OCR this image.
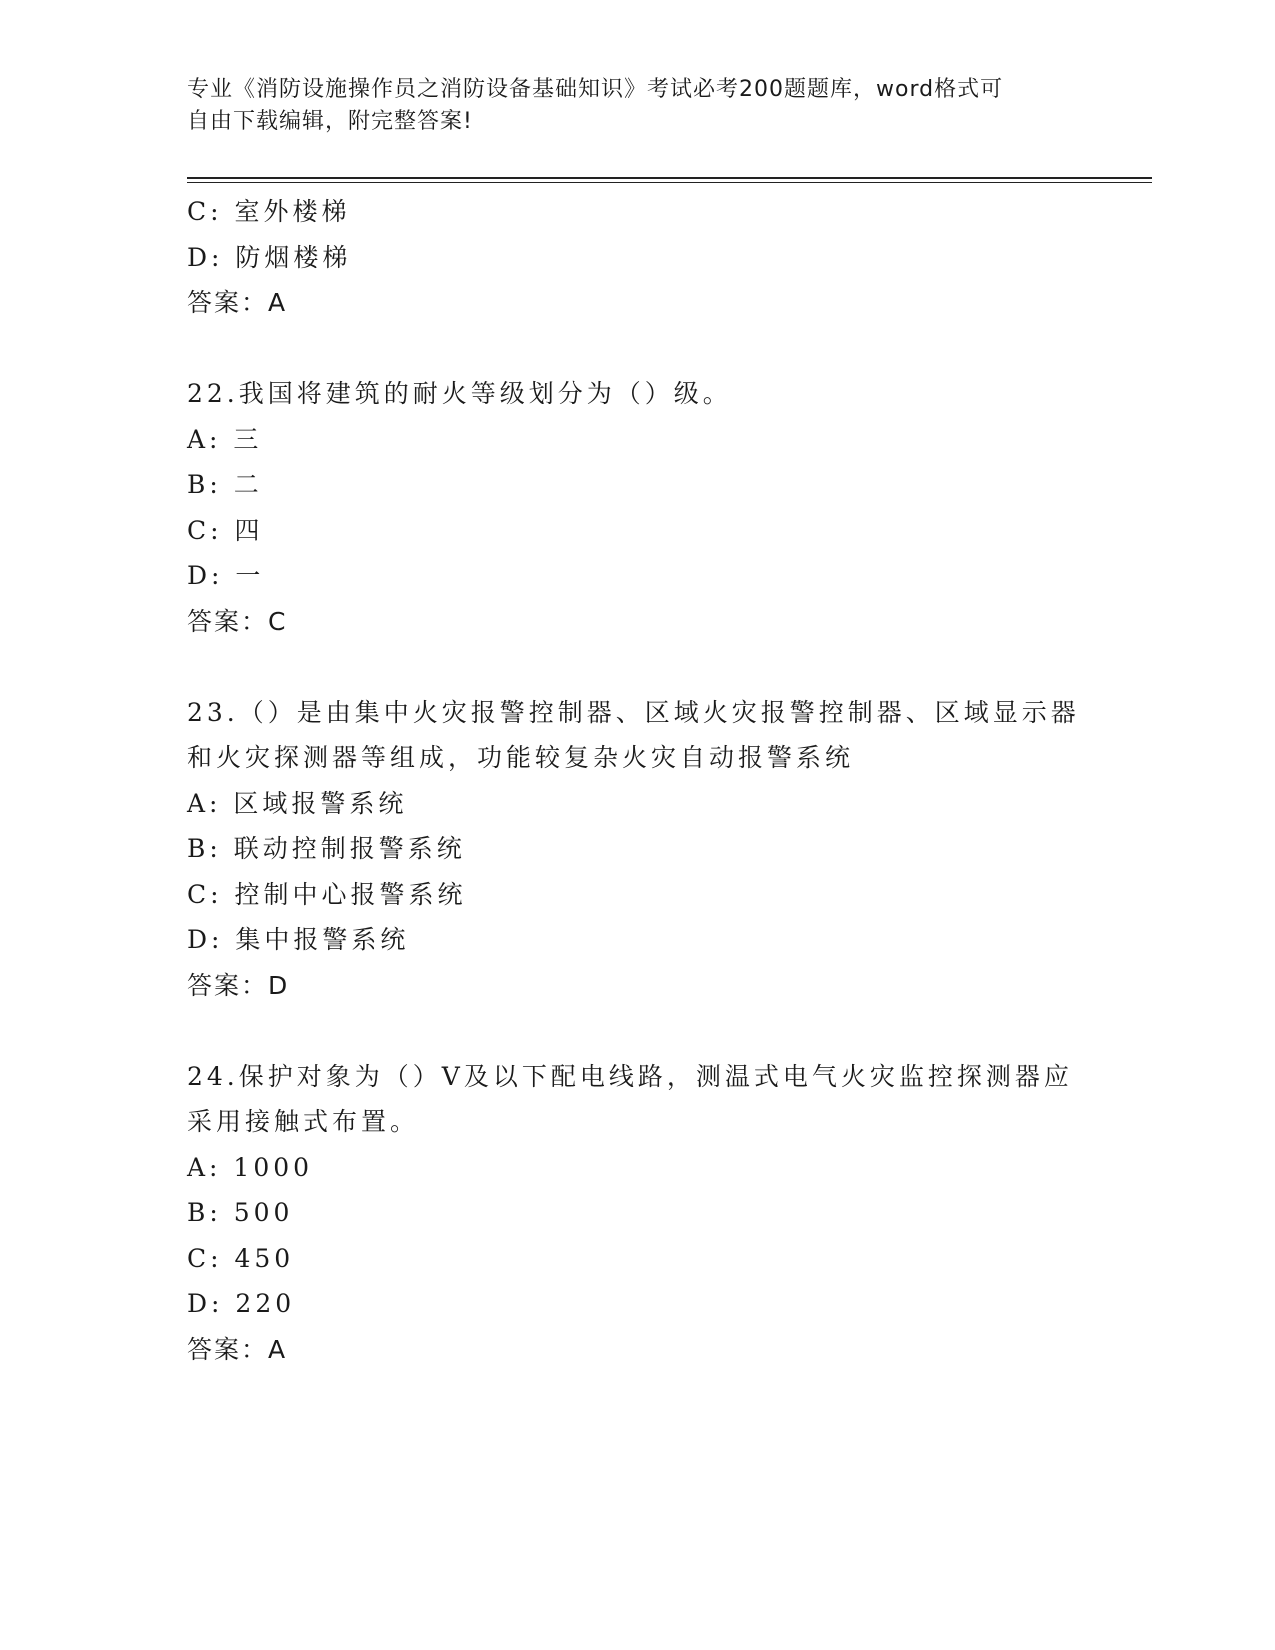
专业《消防设施操作员之消防设备基础知识》考试必考200题题库，word格式可
自由下载编辑，附完整答案!
C: 室外楼梯
D: 防烟楼梯
答案：A
22.我国将建筑的耐火等级划分为（）级。
A: 三
B: 二
C: 四
D: 一
答案：C
23.（）是由集中火灾报警控制器、区域火灾报警控制器、区域显示器
和火灾探测器等组成，功能较复杂火灾自动报警系统
A: 区域报警系统
B: 联动控制报警系统
C: 控制中心报警系统
D: 集中报警系统
答案：D
24.保护对象为（）V及以下配电线路，测温式电气火灾监控探测器应
采用接触式布置。
A: 1000
B: 500
C: 450
D: 220
答案：A
